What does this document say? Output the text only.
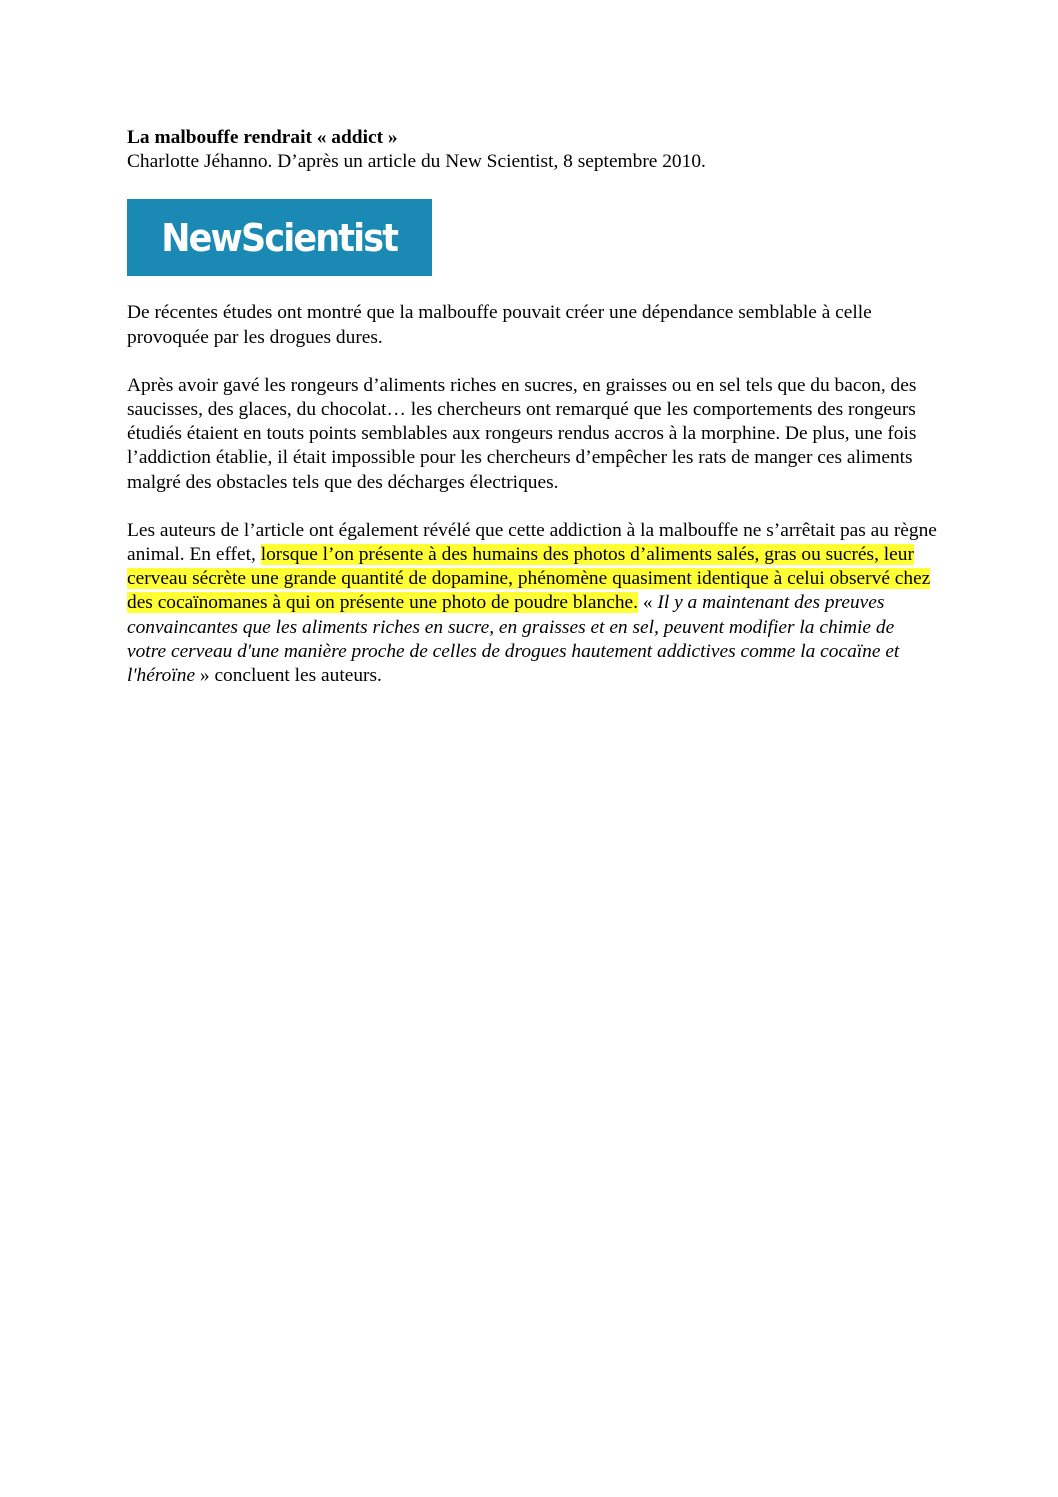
La malbouffe rendrait « addict »

Charlotte Jéhanno. D’après un article du New Scientist, 8 septembre 2010.

NewScientist

De récentes études ont montré que la malbouffe pouvait créer une dépendance semblable à celle provoquée par les drogues dures.

Après avoir gavé les rongeurs d’aliments riches en sucres, en graisses ou en sel tels que du bacon, des saucisses, des glaces, du chocolat… les chercheurs ont remarqué que les comportements des rongeurs étudiés étaient en touts points semblables aux rongeurs rendus accros à la morphine. De plus, une fois l’addiction établie, il était impossible pour les chercheurs d’empêcher les rats de manger ces aliments malgré des obstacles tels que des décharges électriques.

Les auteurs de l’article ont également révélé que cette addiction à la malbouffe ne s’arrêtait pas au règne animal. En effet, lorsque l’on présente à des humains des photos d’aliments salés, gras ou sucrés, leur cerveau sécrète une grande quantité de dopamine, phénomène quasiment identique à celui observé chez des cocaïnomanes à qui on présente une photo de poudre blanche. « Il y a maintenant des preuves convaincantes que les aliments riches en sucre, en graisses et en sel, peuvent modifier la chimie de votre cerveau d'une manière proche de celles de drogues hautement addictives comme la cocaïne et l'héroïne » concluent les auteurs.
